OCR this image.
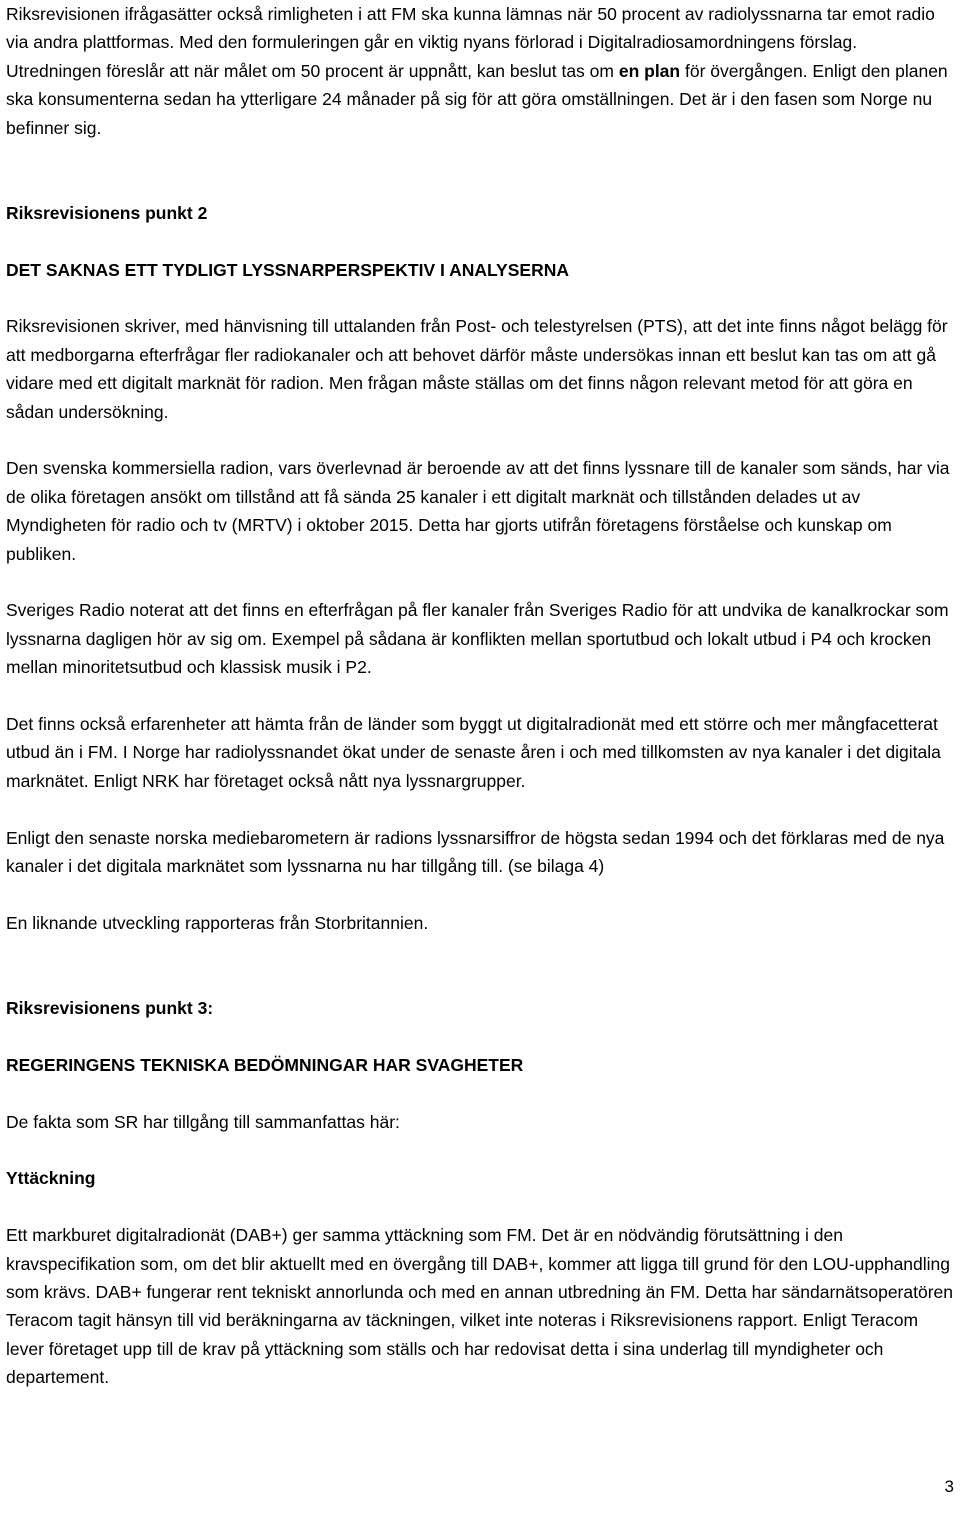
Riksrevisionen ifrågasätter också rimligheten i att FM ska kunna lämnas när 50 procent av radiolyssnarna tar emot radio via andra plattformas. Med den formuleringen går en viktig nyans förlorad i Digitalradiosamordningens förslag. Utredningen föreslår att när målet om 50 procent är uppnått, kan beslut tas om en plan för övergången. Enligt den planen ska konsumenterna sedan ha ytterligare 24 månader på sig för att göra omställningen. Det är i den fasen som Norge nu befinner sig.

Riksrevisionens punkt 2

DET SAKNAS ETT TYDLIGT LYSSNARPERSPEKTIV I ANALYSERNA

Riksrevisionen skriver, med hänvisning till uttalanden från Post- och telestyrelsen (PTS), att det inte finns något belägg för att medborgarna efterfrågar fler radiokanaler och att behovet därför måste undersökas innan ett beslut kan tas om att gå vidare med ett digitalt marknät för radion. Men frågan måste ställas om det finns någon relevant metod för att göra en sådan undersökning.

Den svenska kommersiella radion, vars överlevnad är beroende av att det finns lyssnare till de kanaler som sänds, har via de olika företagen ansökt om tillstånd att få sända 25 kanaler i ett digitalt marknät och tillstånden delades ut av Myndigheten för radio och tv (MRTV) i oktober 2015. Detta har gjorts utifrån företagens förståelse och kunskap om publiken.

Sveriges Radio noterat att det finns en efterfrågan på fler kanaler från Sveriges Radio för att undvika de kanalkrockar som lyssnarna dagligen hör av sig om. Exempel på sådana är konflikten mellan sportutbud och lokalt utbud i P4 och krocken mellan minoritetsutbud och klassisk musik i P2.

Det finns också erfarenheter att hämta från de länder som byggt ut digitalradionät med ett större och mer mångfacetterat utbud än i FM. I Norge har radiolyssnandet ökat under de senaste åren i och med tillkomsten av nya kanaler i det digitala marknätet. Enligt NRK har företaget också nått nya lyssnargrupper.

Enligt den senaste norska mediebarometern är radions lyssnarsiffror de högsta sedan 1994 och det förklaras med de nya kanaler i det digitala marknätet som lyssnarna nu har tillgång till. (se bilaga 4)

En liknande utveckling rapporteras från Storbritannien.

Riksrevisionens punkt 3:

REGERINGENS TEKNISKA BEDÖMNINGAR HAR SVAGHETER

De fakta som SR har tillgång till sammanfattas här:

Yttäckning

Ett markburet digitalradionät (DAB+) ger samma yttäckning som FM. Det är en nödvändig förutsättning i den kravspecifikation som, om det blir aktuellt med en övergång till DAB+, kommer att ligga till grund för den LOU-upphandling som krävs. DAB+ fungerar rent tekniskt annorlunda och med en annan utbredning än FM. Detta har sändarnätsoperatören Teracom tagit hänsyn till vid beräkningarna av täckningen, vilket inte noteras i Riksrevisionens rapport. Enligt Teracom lever företaget upp till de krav på yttäckning som ställs och har redovisat detta i sina underlag till myndigheter och departement.

3
